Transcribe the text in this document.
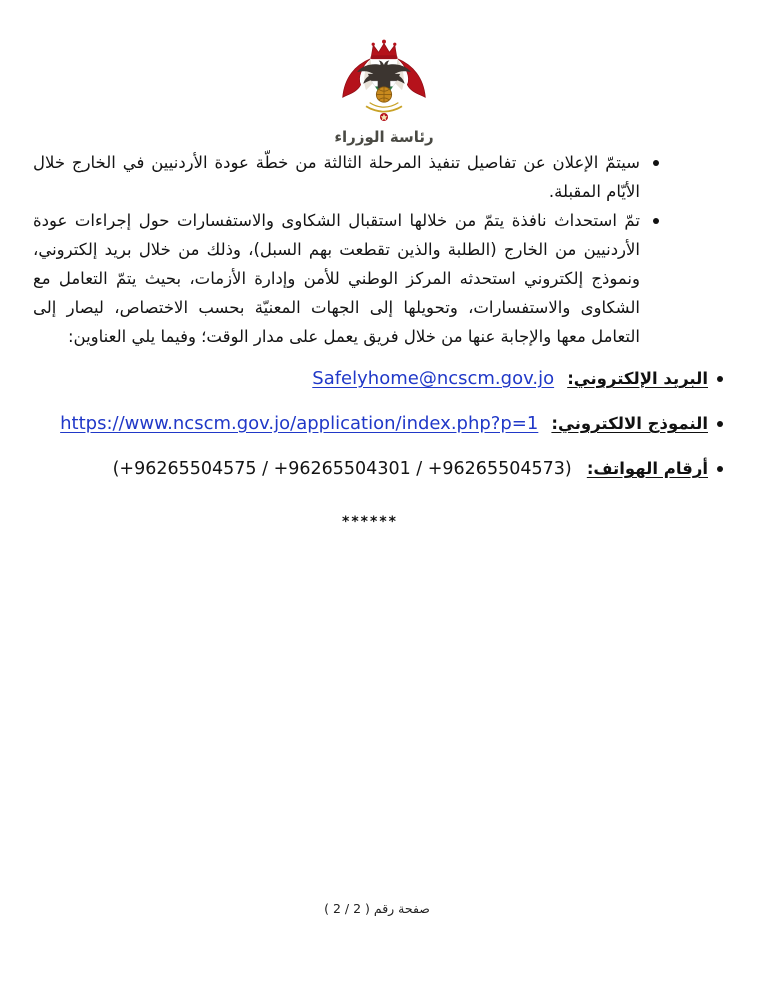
رئاسة الوزراء

سيتمّ الإعلان عن تفاصيل تنفيذ المرحلة الثالثة من خطّة عودة الأردنيين في الخارج خلال الأيّام المقبلة.

تمّ استحداث نافذة يتمّ من خلالها استقبال الشكاوى والاستفسارات حول إجراءات عودة الأردنيين من الخارج (الطلبة والذين تقطعت بهم السبل)، وذلك من خلال بريد إلكتروني، ونموذج إلكتروني استحدثه المركز الوطني للأمن وإدارة الأزمات، بحيث يتمّ التعامل مع الشكاوى والاستفسارات، وتحويلها إلى الجهات المعنيّة بحسب الاختصاص، ليصار إلى التعامل معها والإجابة عنها من خلال فريق يعمل على مدار الوقت؛ وفيما يلي العناوين:

البريد الإلكتروني: Safelyhome@ncscm.gov.jo
النموذج الالكتروني: https://www.ncscm.gov.jo/application/index.php?p=1
أرقام الهواتف: (+96265504575 / +96265504301 / +96265504573)
******
صفحة رقم ( 2 / 2 )
